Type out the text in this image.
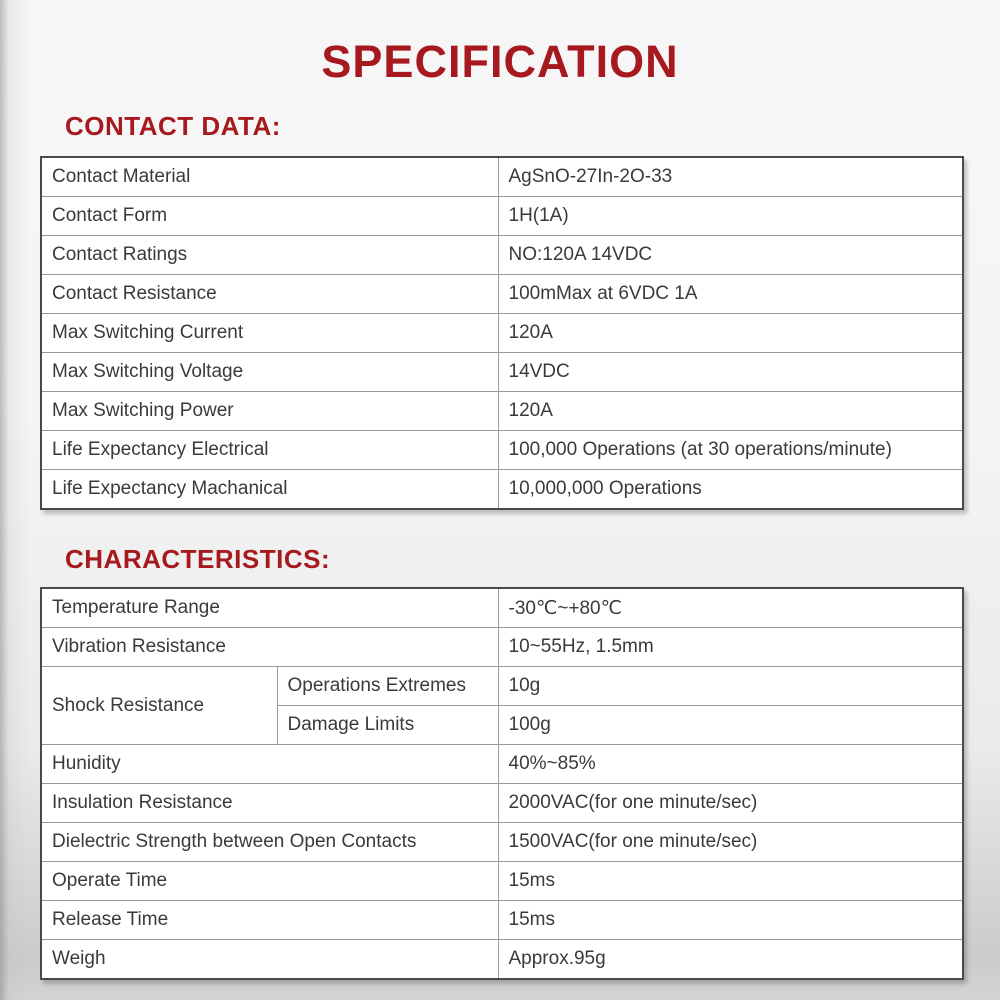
SPECIFICATION
CONTACT DATA:
Contact Material	AgSnO-27In-2O-33
Contact Form	1H(1A)
Contact Ratings	NO:120A 14VDC
Contact Resistance	100mMax at 6VDC 1A
Max Switching Current	120A
Max Switching Voltage	14VDC
Max Switching Power	120A
Life Expectancy Electrical	100,000 Operations (at 30 operations/minute)
Life Expectancy Machanical	10,000,000 Operations
CHARACTERISTICS:
Temperature Range		-30℃~+80℃
Vibration Resistance		10~55Hz, 1.5mm
Shock Resistance	Operations Extremes	10g
	Damage Limits	100g
Hunidity		40%~85%
Insulation Resistance		2000VAC(for one minute/sec)
Dielectric Strength between Open Contacts		1500VAC(for one minute/sec)
Operate Time		15ms
Release Time		15ms
Weigh		Approx.95g
